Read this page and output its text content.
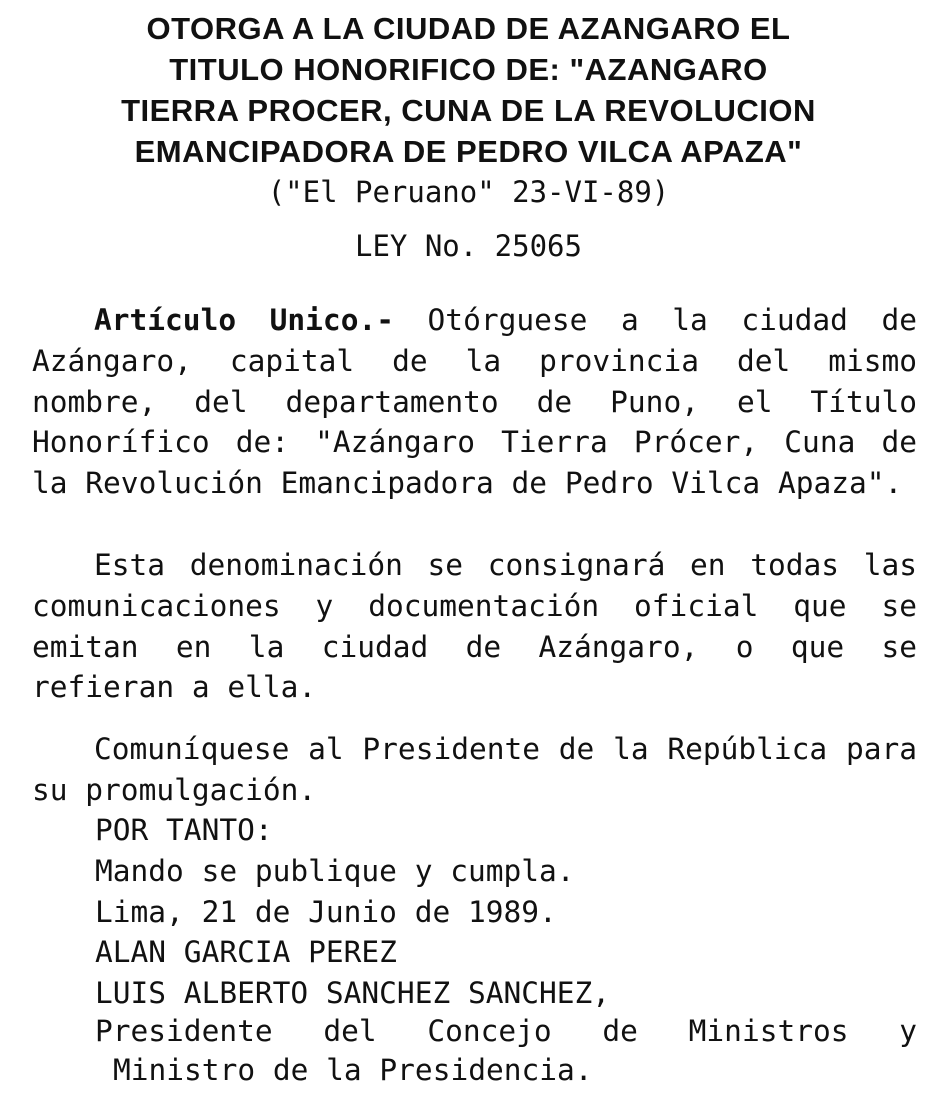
OTORGA A LA CIUDAD DE AZANGARO EL
TITULO HONORIFICO DE: "AZANGARO
TIERRA PROCER, CUNA DE LA REVOLUCION
EMANCIPADORA DE PEDRO VILCA APAZA"
("El Peruano" 23-VI-89)
LEY No. 25065
Artículo Unico.- Otórguese a la ciudad de Azángaro, capital de la provincia del mismo nombre, del departamento de Puno, el Título Honorífico de: "Azángaro Tierra Prócer, Cuna de la Revolución Emancipadora de Pedro Vilca Apaza".
Esta denominación se consignará en todas las comunicaciones y documentación oficial que se emitan en la ciudad de Azángaro, o que se refieran a ella.
Comuníquese al Presidente de la República para su promulgación.
POR TANTO:
Mando se publique y cumpla.
Lima, 21 de Junio de 1989.
ALAN GARCIA PEREZ
LUIS ALBERTO SANCHEZ SANCHEZ,
Presidente del Concejo de Ministros y
Ministro de la Presidencia.
